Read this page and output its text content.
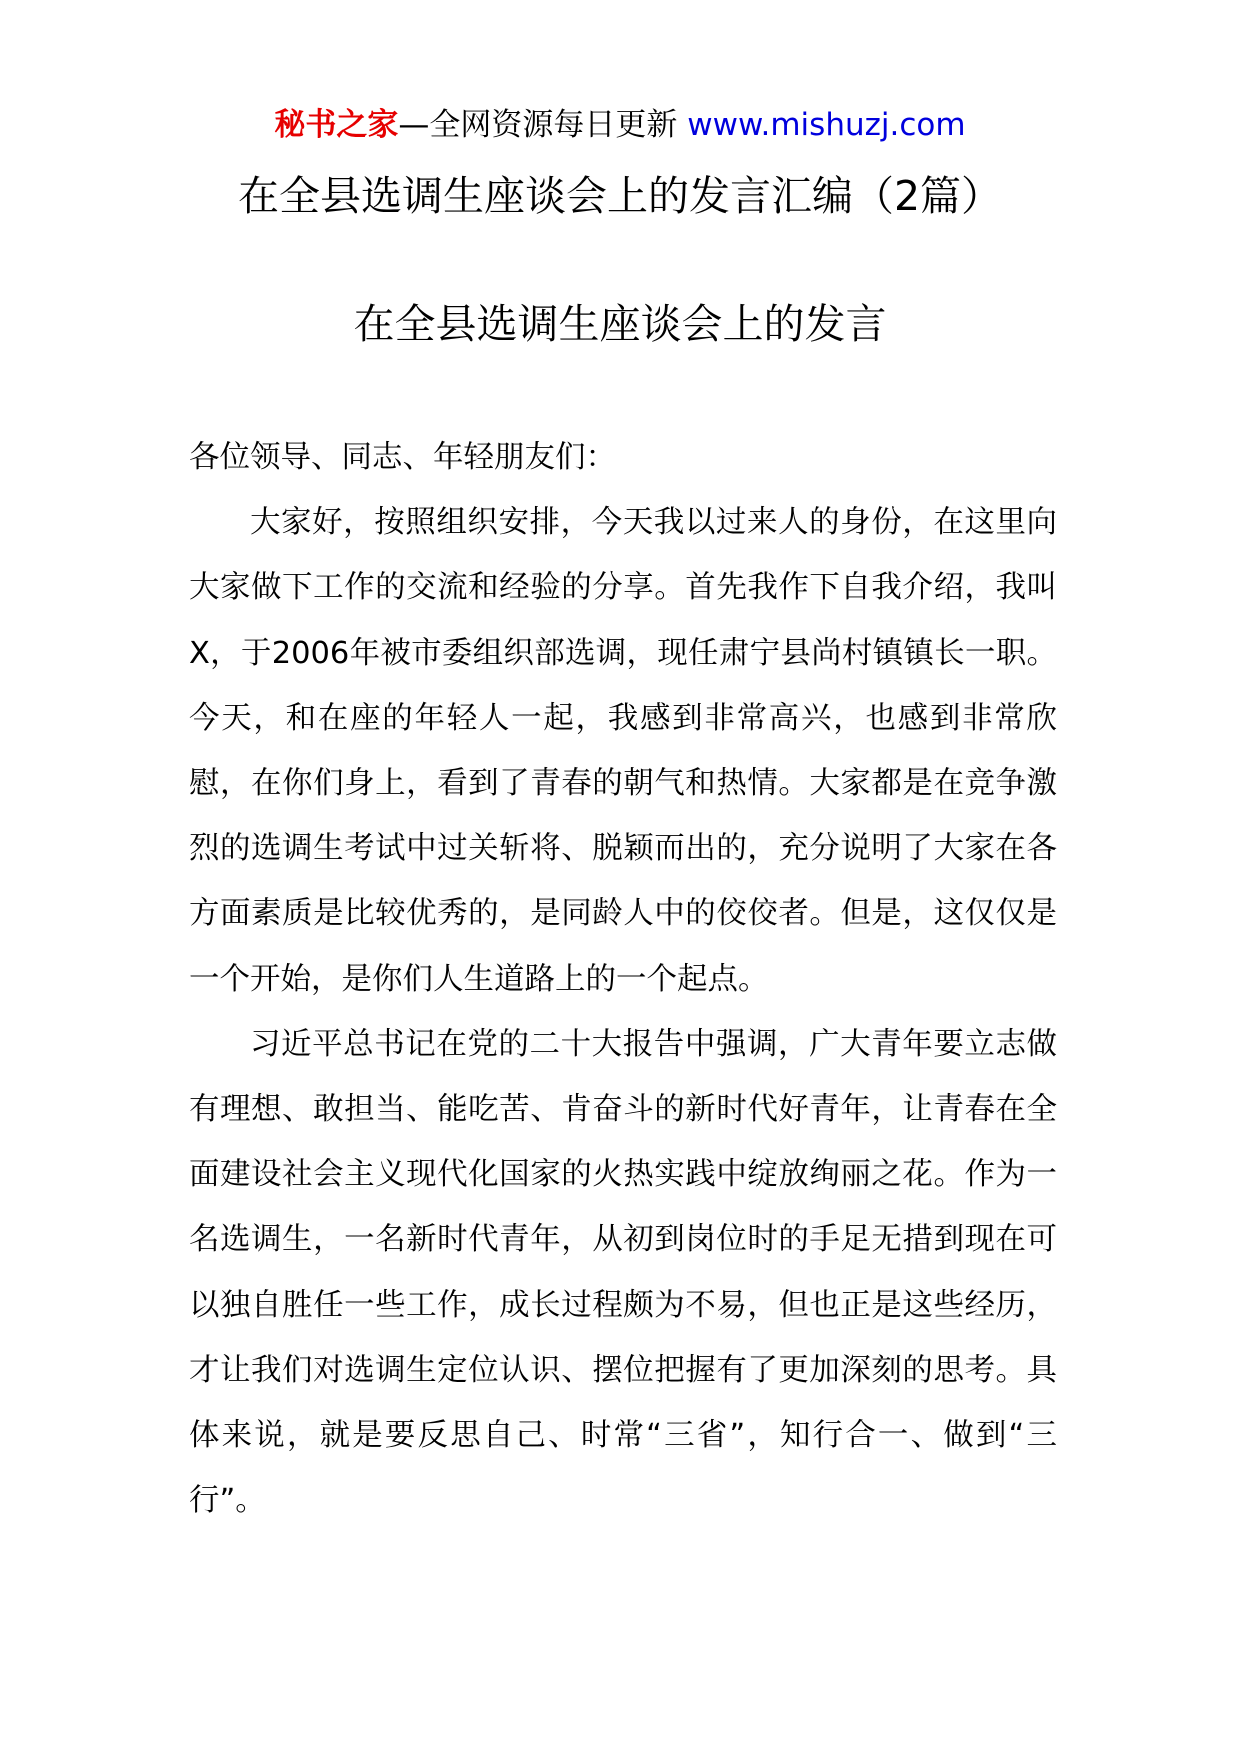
秘书之家—全网资源每日更新 www.mishuzj.com
在全县选调生座谈会上的发言汇编（2篇）
在全县选调生座谈会上的发言

各位领导、同志、年轻朋友们：

大家好，按照组织安排，今天我以过来人的身份，在这里向大家做下工作的交流和经验的分享。首先我作下自我介绍，我叫X，于2006年被市委组织部选调，现任肃宁县尚村镇镇长一职。今天，和在座的年轻人一起，我感到非常高兴，也感到非常欣慰，在你们身上，看到了青春的朝气和热情。大家都是在竞争激烈的选调生考试中过关斩将、脱颖而出的，充分说明了大家在各方面素质是比较优秀的，是同龄人中的佼佼者。但是，这仅仅是一个开始，是你们人生道路上的一个起点。

习近平总书记在党的二十大报告中强调，广大青年要立志做有理想、敢担当、能吃苦、肯奋斗的新时代好青年，让青春在全面建设社会主义现代化国家的火热实践中绽放绚丽之花。作为一名选调生，一名新时代青年，从初到岗位时的手足无措到现在可以独自胜任一些工作，成长过程颇为不易，但也正是这些经历，才让我们对选调生定位认识、摆位把握有了更加深刻的思考。具体来说，就是要反思自己、时常“三省”，知行合一、做到“三行”。
